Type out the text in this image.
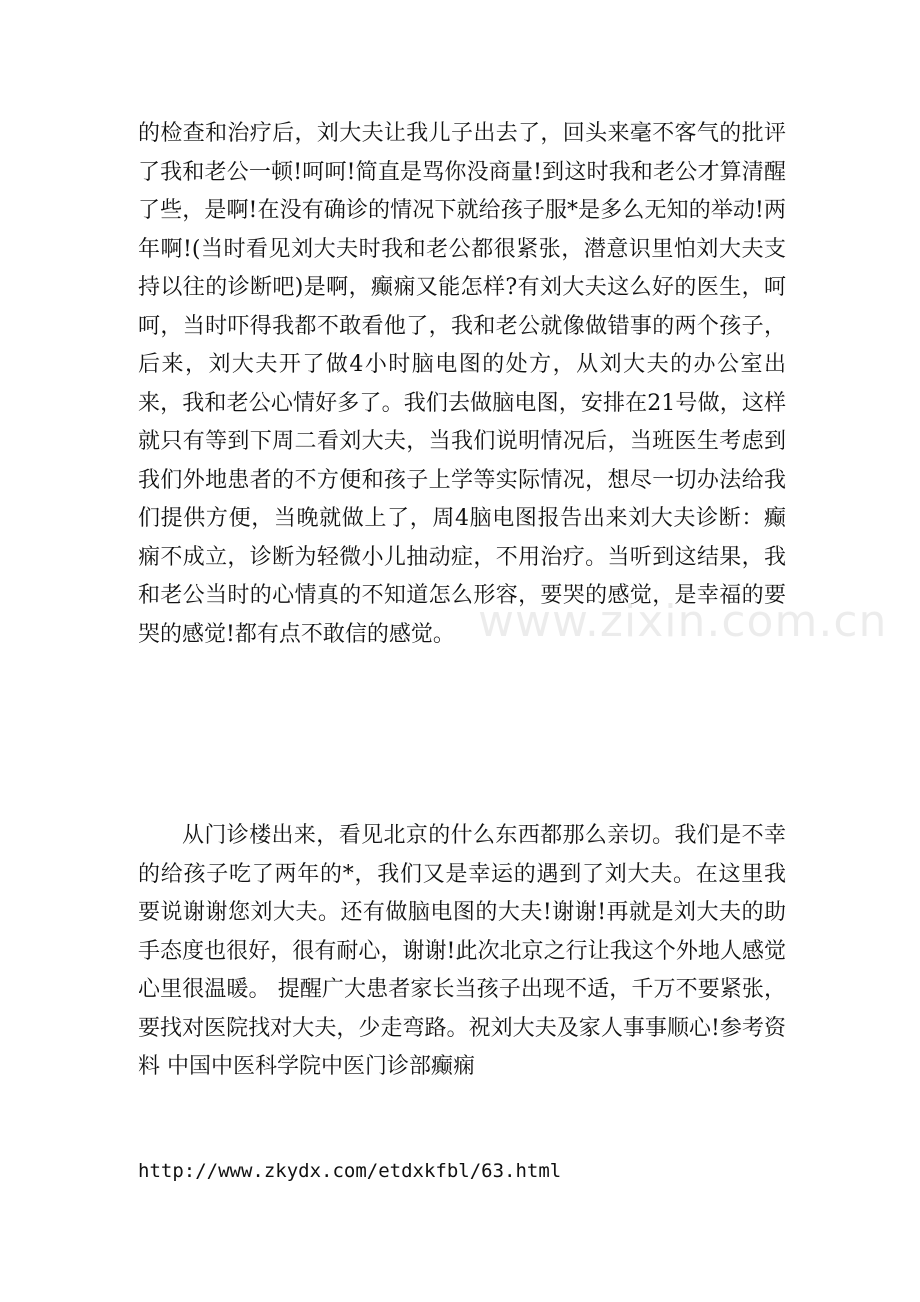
的检查和治疗后，刘大夫让我儿子出去了，回头来毫不客气的批评了我和老公一顿!呵呵!简直是骂你没商量!到这时我和老公才算清醒了些，是啊!在没有确诊的情况下就给孩子服*是多么无知的举动!两年啊!(当时看见刘大夫时我和老公都很紧张，潜意识里怕刘大夫支持以往的诊断吧)是啊，癫痫又能怎样?有刘大夫这么好的医生，呵呵，当时吓得我都不敢看他了，我和老公就像做错事的两个孩子，后来，刘大夫开了做4小时脑电图的处方，从刘大夫的办公室出来，我和老公心情好多了。我们去做脑电图，安排在21号做，这样就只有等到下周二看刘大夫，当我们说明情况后，当班医生考虑到我们外地患者的不方便和孩子上学等实际情况，想尽一切办法给我们提供方便，当晚就做上了，周4脑电图报告出来刘大夫诊断：癫痫不成立，诊断为轻微小儿抽动症，不用治疗。当听到这结果，我和老公当时的心情真的不知道怎么形容，要哭的感觉，是幸福的要哭的感觉!都有点不敢信的感觉。

从门诊楼出来，看见北京的什么东西都那么亲切。我们是不幸的给孩子吃了两年的*，我们又是幸运的遇到了刘大夫。在这里我要说谢谢您刘大夫。还有做脑电图的大夫!谢谢!再就是刘大夫的助手态度也很好，很有耐心，谢谢!此次北京之行让我这个外地人感觉心里很温暖。 提醒广大患者家长当孩子出现不适，千万不要紧张，要找对医院找对大夫，少走弯路。祝刘大夫及家人事事顺心!参考资料 中国中医科学院中医门诊部癫痫

http://www.zkydx.com/etdxkfbl/63.html
www.zixin.com.cn
